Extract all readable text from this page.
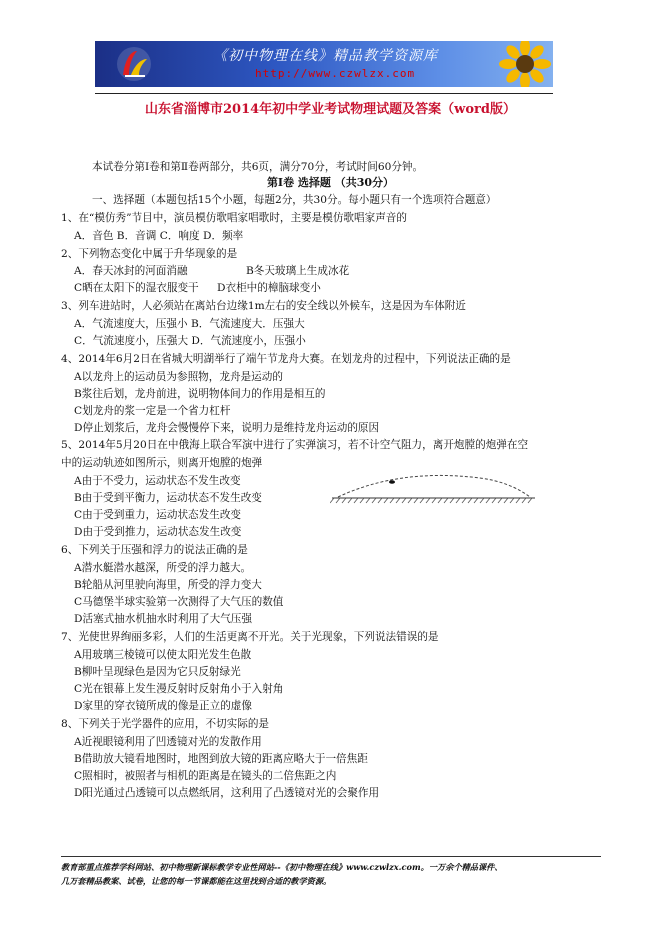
《初中物理在线》精品教学资源库
http://www.czwlzx.com
山东省淄博市2014年初中学业考试物理试题及答案（word版）
本试卷分第Ⅰ卷和第Ⅱ卷两部分，共6页，满分70分，考试时间60分钟。
第Ⅰ卷 选择题 （共30分）
一、选择题（本题包括15个小题，每题2分，共30分。每小题只有一个选项符合题意）
1、在“模仿秀”节目中，演员模仿歌唱家唱歌时，主要是模仿歌唱家声音的
A．音色 B．音调 C．响度 D．频率
2、下列物态变化中属于升华现象的是
A．春天冰封的河面消融	B冬天玻璃上生成冰花
C晒在太阳下的湿衣服变干 D衣柜中的樟脑球变小
3、列车进站时，人必须站在离站台边缘1m左右的安全线以外候车，这是因为车体附近
A．气流速度大，压强小 B．气流速度大．压强大
C．气流速度小，压强大 D．气流速度小，压强小
4、2014年6月2日在省城大明湖举行了端午节龙舟大赛。在划龙舟的过程中，下列说法正确的是
A以龙舟上的运动员为参照物，龙舟是运动的
B浆往后划，龙舟前进，说明物体间力的作用是相互的
C划龙舟的浆一定是一个省力杠杆
D停止划浆后，龙舟会慢慢停下来，说明力是维持龙舟运动的原因
5、2014年5月20日在中俄海上联合军演中进行了实弹演习，若不计空气阻力，离开炮膛的炮弹在空
中的运动轨迹如图所示，则离开炮膛的炮弹
A由于不受力，运动状态不发生改变
B由于受到平衡力，运动状态不发生改变
C由于受到重力，运动状态发生改变
D由于受到推力，运动状态发生改变
6、下列关于压强和浮力的说法正确的是
A潜水艇潜水越深，所受的浮力越大。
B轮船从河里驶向海里，所受的浮力变大
C马德堡半球实验第一次测得了大气压的数值
D活塞式抽水机抽水时利用了大气压强
7、光使世界绚丽多彩，人们的生活更离不开光。关于光现象，下列说法错误的是
A用玻璃三棱镜可以使太阳光发生色散
B柳叶呈现绿色是因为它只反射绿光
C光在银幕上发生漫反射时反射角小于入射角
D家里的穿衣镜所成的像是正立的虚像
8、下列关于光学器件的应用，不切实际的是
A近视眼镜利用了凹透镜对光的发散作用
B借助放大镜看地图时，地图到放大镜的距离应略大于一倍焦距
C照相时，被照者与相机的距离是在镜头的二倍焦距之内
D阳光通过凸透镜可以点燃纸屑，这利用了凸透镜对光的会聚作用
教育部重点推荐学科网站、初中物理新课标教学专业性网站--《初中物理在线》www.czwlzx.com。一万余个精品课件、
几万套精品教案、试卷，让您的每一节课都能在这里找到合适的教学资源。
